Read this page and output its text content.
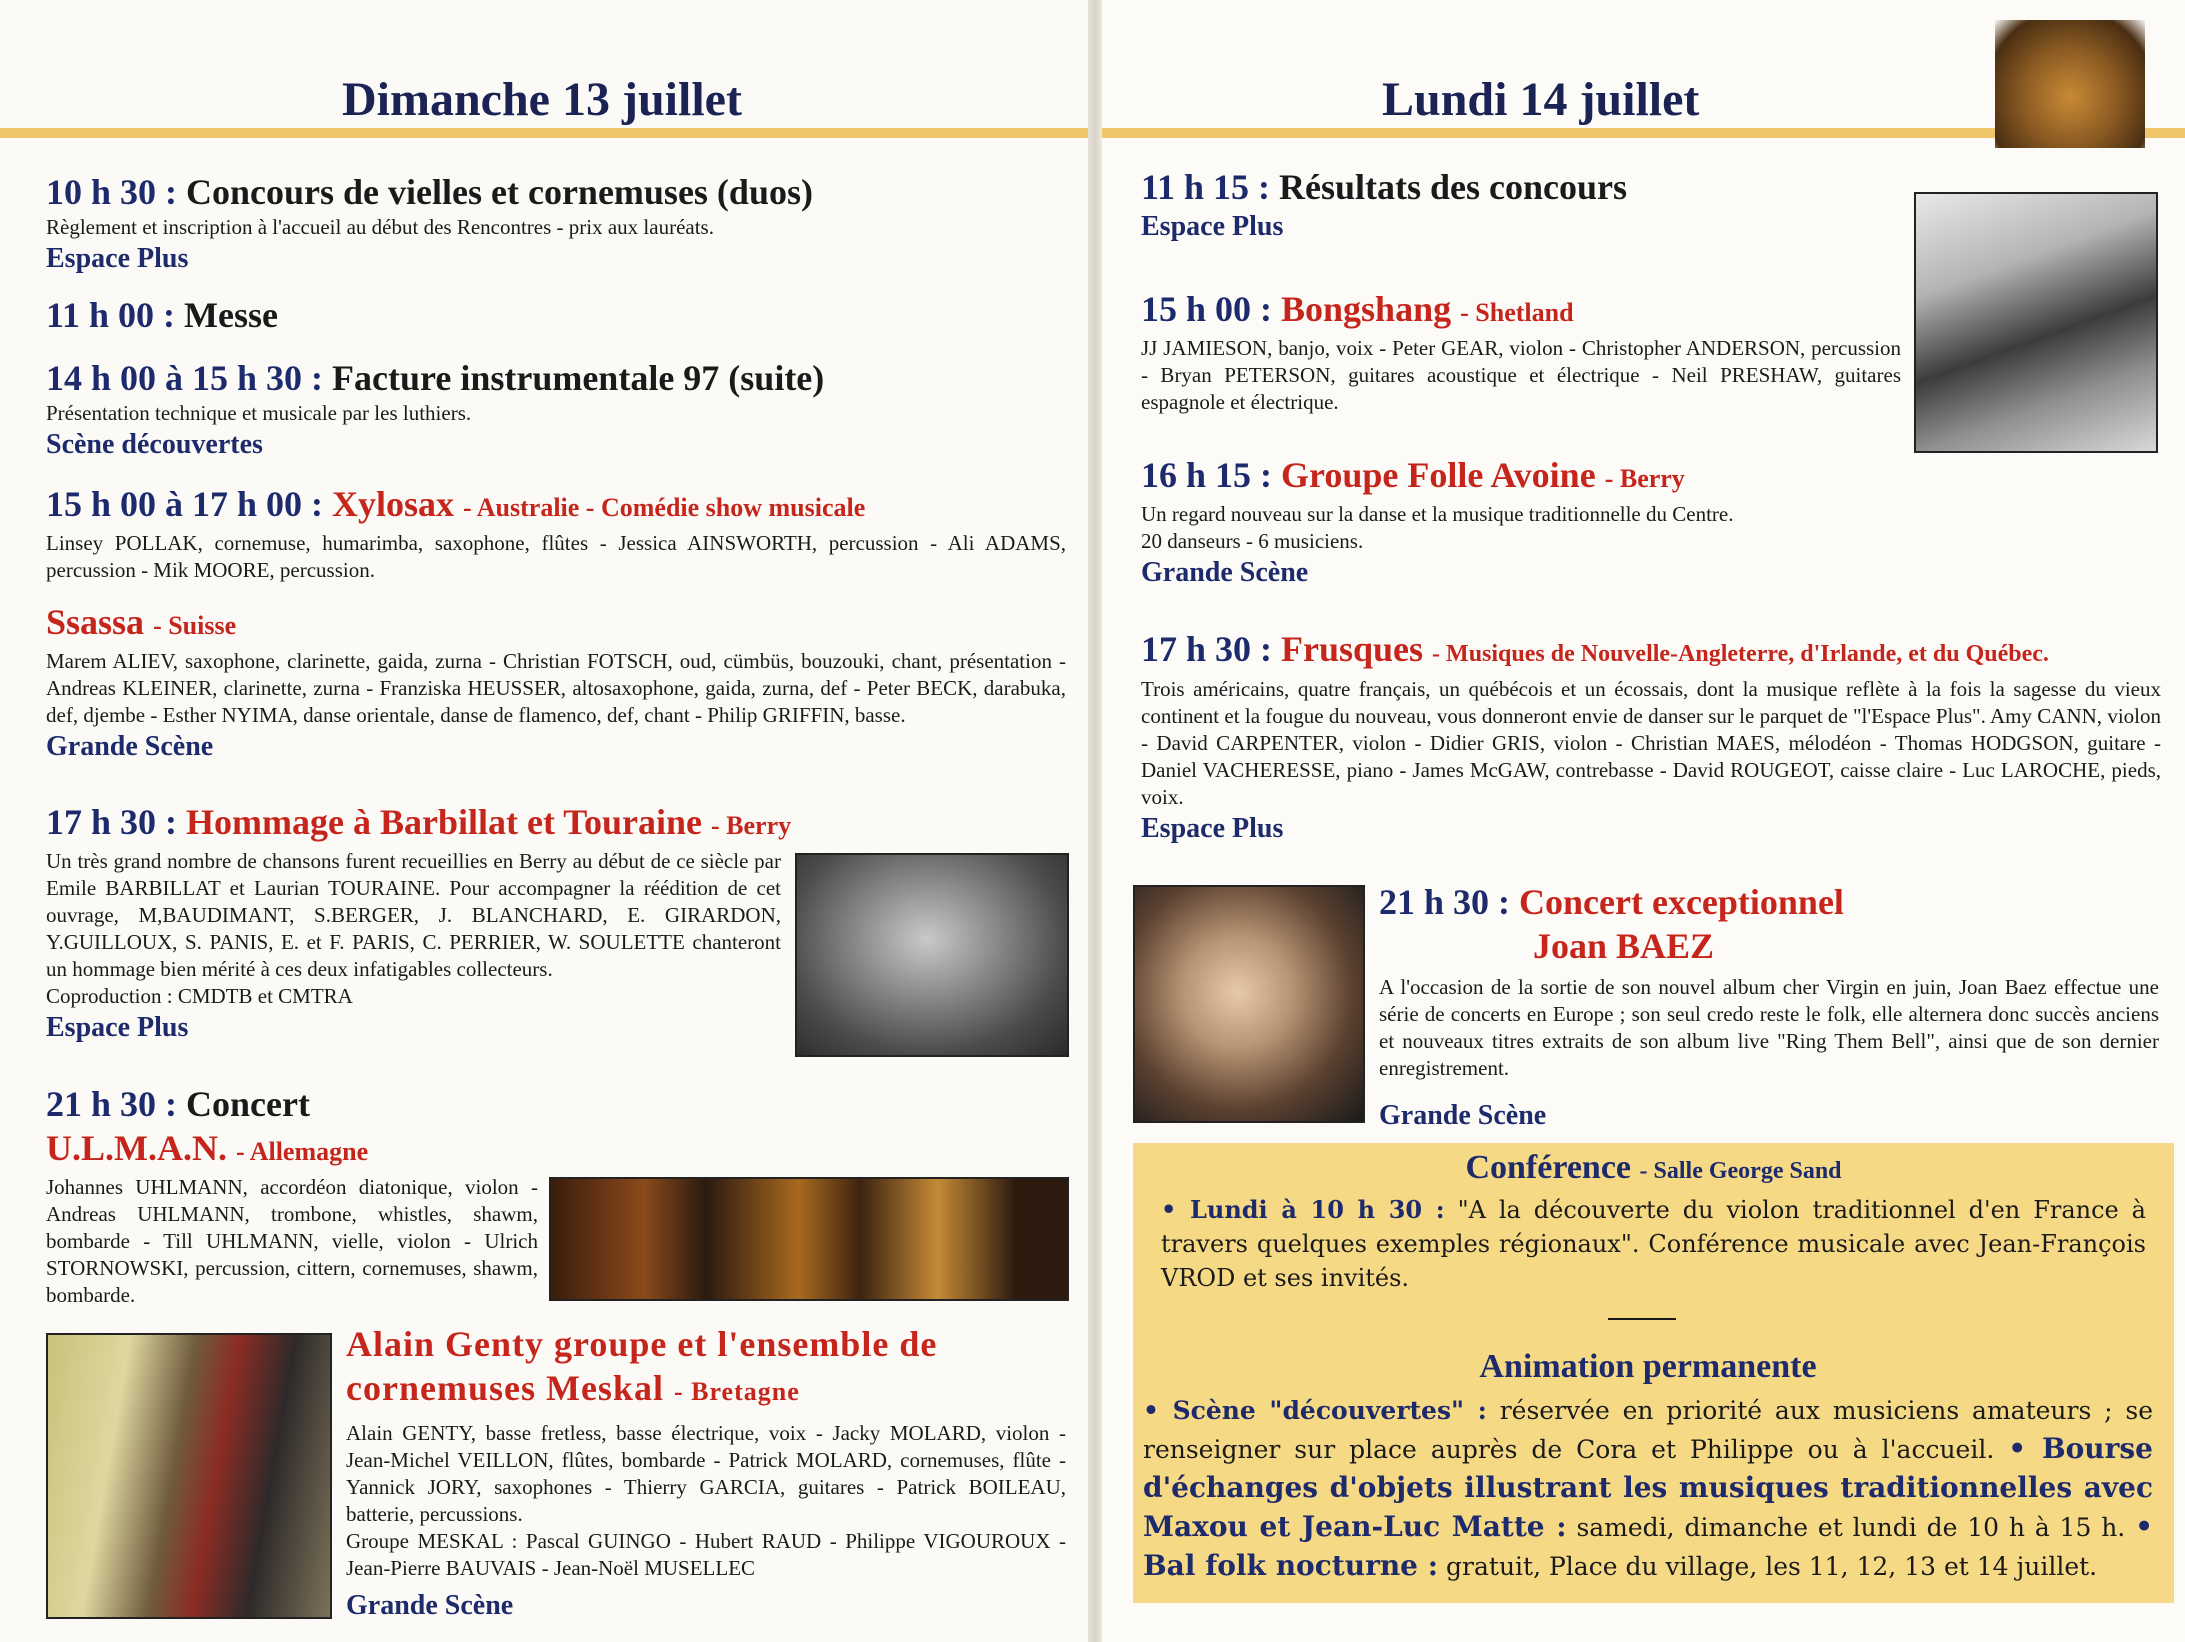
Dimanche 13 juillet	Lundi 14 juillet
10 h 30 : Concours de vielles et cornemuses (duos)
Règlement et inscription à l'accueil au début des Rencontres - prix aux lauréats.
Espace Plus
11 h 00 : Messe
14 h 00 à 15 h 30 : Facture instrumentale 97 (suite)
Présentation technique et musicale par les luthiers.
Scène découvertes
15 h 00 à 17 h 00 : Xylosax - Australie - Comédie show musicale
Linsey POLLAK, cornemuse, humarimba, saxophone, flûtes - Jessica AINSWORTH, percussion - Ali ADAMS, percussion - Mik MOORE, percussion.
Ssassa - Suisse
Marem ALIEV, saxophone, clarinette, gaida, zurna - Christian FOTSCH, oud, cümbüs, bouzouki, chant, présentation - Andreas KLEINER, clarinette, zurna - Franziska HEUSSER, altosaxophone, gaida, zurna, def - Peter BECK, darabuka, def, djembe - Esther NYIMA, danse orientale, danse de flamenco, def, chant - Philip GRIFFIN, basse.
Grande Scène
17 h 30 : Hommage à Barbillat et Touraine - Berry
Un très grand nombre de chansons furent recueillies en Berry au début de ce siècle par Emile BARBILLAT et Laurian TOURAINE. Pour accompagner la réédition de cet ouvrage, M,BAUDIMANT, S.BERGER, J. BLANCHARD, E. GIRARDON, Y.GUILLOUX, S. PANIS, E. et F. PARIS, C. PERRIER, W. SOULETTE chanteront un hommage bien mérité à ces deux infatigables collecteurs.
Coproduction : CMDTB et CMTRA
Espace Plus
21 h 30 : Concert
U.L.M.A.N. - Allemagne
Johannes UHLMANN, accordéon diatonique, violon - Andreas UHLMANN, trombone, whistles, shawm, bombarde - Till UHLMANN, vielle, violon - Ulrich STORNOWSKI, percussion, cittern, cornemuses, shawm, bombarde.
Alain Genty groupe et l'ensemble de cornemuses Meskal - Bretagne
Alain GENTY, basse fretless, basse électrique, voix - Jacky MOLARD, violon - Jean-Michel VEILLON, flûtes, bombarde - Patrick MOLARD, cornemuses, flûte - Yannick JORY, saxophones - Thierry GARCIA, guitares - Patrick BOILEAU, batterie, percussions.
Groupe MESKAL : Pascal GUINGO - Hubert RAUD - Philippe VIGOUROUX - Jean-Pierre BAUVAIS - Jean-Noël MUSELLEC
Grande Scène
11 h 15 : Résultats des concours
Espace Plus
15 h 00 : Bongshang - Shetland
JJ JAMIESON, banjo, voix - Peter GEAR, violon - Christopher ANDERSON, percussion - Bryan PETERSON, guitares acoustique et électrique - Neil PRESHAW, guitares espagnole et électrique.
16 h 15 : Groupe Folle Avoine - Berry
Un regard nouveau sur la danse et la musique traditionnelle du Centre.
20 danseurs - 6 musiciens.
Grande Scène
17 h 30 : Frusques - Musiques de Nouvelle-Angleterre, d'Irlande, et du Québec.
Trois américains, quatre français, un québécois et un écossais, dont la musique reflète à la fois la sagesse du vieux continent et la fougue du nouveau, vous donneront envie de danser sur le parquet de "l'Espace Plus". Amy CANN, violon - David CARPENTER, violon - Didier GRIS, violon - Christian MAES, mélodéon - Thomas HODGSON, guitare - Daniel VACHERESSE, piano - James McGAW, contrebasse - David ROUGEOT, caisse claire - Luc LAROCHE, pieds, voix.
Espace Plus
21 h 30 : Concert exceptionnel
Joan BAEZ
A l'occasion de la sortie de son nouvel album cher Virgin en juin, Joan Baez effectue une série de concerts en Europe ; son seul credo reste le folk, elle alternera donc succès anciens et nouveaux titres extraits de son album live "Ring Them Bell", ainsi que de son dernier enregistrement.
Grande Scène
Conférence - Salle George Sand
• Lundi à 10 h 30 : "A la découverte du violon traditionnel d'en France à travers quelques exemples régionaux". Conférence musicale avec Jean-François VROD et ses invités.
Animation permanente
• Scène "découvertes" : réservée en priorité aux musiciens amateurs ; se renseigner sur place auprès de Cora et Philippe ou à l'accueil. • Bourse d'échanges d'objets illustrant les musiques traditionnelles avec Maxou et Jean-Luc Matte : samedi, dimanche et lundi de 10 h à 15 h. • Bal folk nocturne : gratuit, Place du village, les 11, 12, 13 et 14 juillet.
